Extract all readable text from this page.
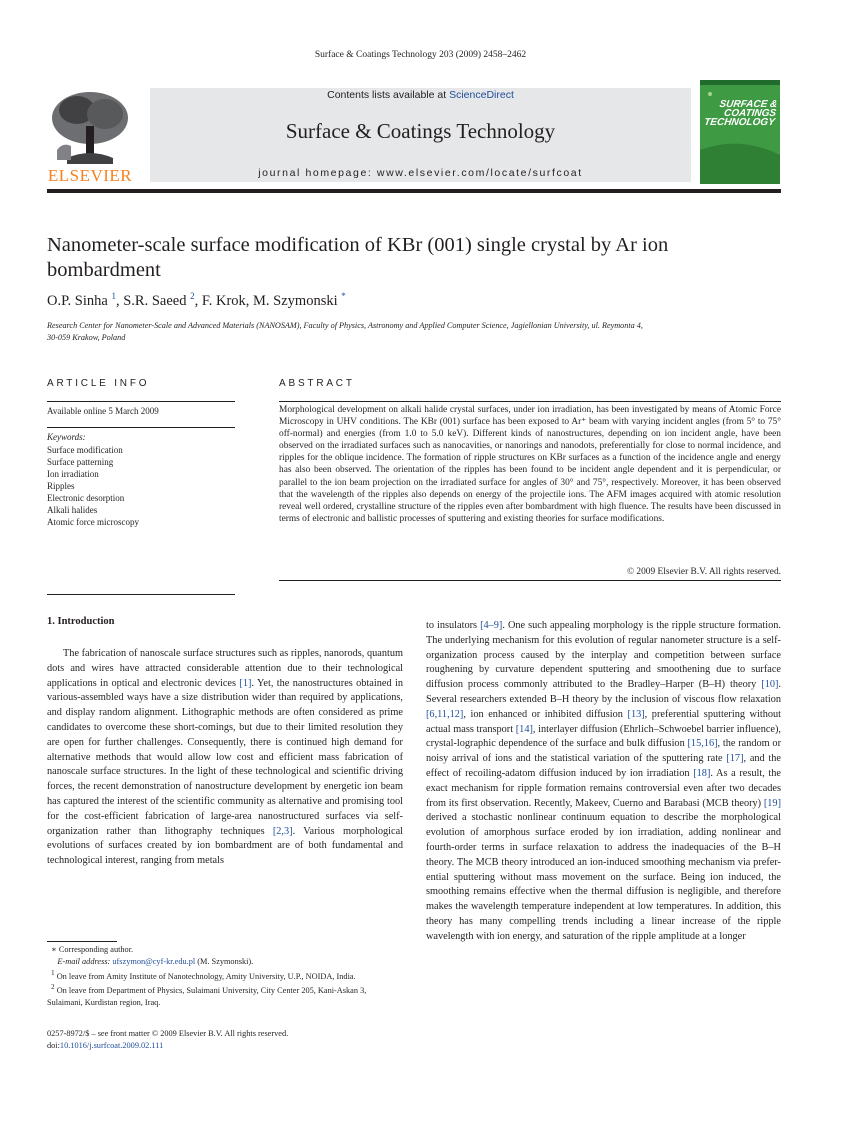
Surface & Coatings Technology 203 (2009) 2458–2462
ELSEVIER
Contents lists available at ScienceDirect
Surface & Coatings Technology
journal homepage: www.elsevier.com/locate/surfcoat
SURFACE & COATINGS TECHNOLOGY
Nanometer-scale surface modification of KBr (001) single crystal by Ar ion bombardment
O.P. Sinha $^1$, S.R. Saeed $^2$, F. Krok, M. Szymonski *
Research Center for Nanometer-Scale and Advanced Materials (NANOSAM), Faculty of Physics, Astronomy and Applied Computer Science, Jagiellonian University, ul. Reymonta 4, 30-059 Krakow, Poland
ARTICLE INFO	ABSTRACT
Available online 5 March 2009
Keywords:
Surface modification
Surface patterning
Ion irradiation
Ripples
Electronic desorption
Alkali halides
Atomic force microscopy
Morphological development on alkali halide crystal surfaces, under ion irradiation, has been investigated by means of Atomic Force Microscopy in UHV conditions. The KBr (001) surface has been exposed to Ar⁺ beam with varying incident angles (from 5° to 75° off-normal) and energies (from 1.0 to 5.0 keV). Different kinds of nanostructures, depending on ion incident angle, have been observed on the irradiated surfaces such as nanocavities, or nanorings and nanodots, preferentially for close to normal incidence, and ripples for the oblique incidence. The formation of ripple structures on KBr surfaces as a function of the incidence angle and energy has also been observed. The orientation of the ripples has been found to be incident angle dependent and it is perpendicular, or parallel to the ion beam projection on the irradiated surface for angles of 30° and 75°, respectively. Moreover, it has been observed that the wavelength of the ripples also depends on energy of the projectile ions. The AFM images acquired with atomic resolution reveal well ordered, crystalline structure of the ripples even after bombardment with high fluence. The results have been discussed in terms of electronic and ballistic processes of sputtering and existing theories for surface modifications.
© 2009 Elsevier B.V. All rights reserved.
1. Introduction
The fabrication of nanoscale surface structures such as ripples, nanorods, quantum dots and wires have attracted considerable attention due to their technological applications in optical and electronic devices [1]. Yet, the nanostructures obtained in various-assembled ways have a size distribution wider than required by applications, and display random alignment. Lithographic methods are often considered as prime candidates to overcome these short-comings, but due to their limited resolution they are open for further challenges. Consequently, there is continued high demand for alternative methods that would allow low cost and efficient mass fabrication of nanoscale surface structures. In the light of these technological and scientific driving forces, the recent demonstration of nanostructure development by energetic ion beam has captured the interest of the scientific community as alternative and promising tool for the cost-efficient fabrication of large-area nanostructured surfaces via self-organization rather than lithography techniques [2,3]. Various morphological evolutions of surfaces created by ion bombardment are of both fundamental and technological interest, ranging from metals
to insulators [4–9]. One such appealing morphology is the ripple structure formation. The underlying mechanism for this evolution of regular nanometer structure is a self-organization process caused by the interplay and competition between surface roughening by curvature dependent sputtering and smoothening due to surface diffusion process commonly attributed to the Bradley–Harper (B–H) theory [10]. Several researchers extended B–H theory by the inclusion of viscous flow relaxation [6,11,12], ion enhanced or inhibited diffusion [13], preferential sputtering without actual mass transport [14], interlayer diffusion (Ehrlich–Schwoebel barrier influence), crystal-lographic dependence of the surface and bulk diffusion [15,16], the random or noisy arrival of ions and the statistical variation of the sputtering rate [17], and the effect of recoiling-adatom diffusion induced by ion irradiation [18]. As a result, the exact mechanism for ripple formation remains controversial even after two decades from its first observation. Recently, Makeev, Cuerno and Barabasi (MCB theory) [19] derived a stochastic nonlinear continuum equation to describe the morphological evolution of amorphous surface eroded by ion irradiation, adding nonlinear and fourth-order terms in surface relaxation to address the inadequacies of the B–H theory. The MCB theory introduced an ion-induced smoothing mechanism via prefer-ential sputtering without mass movement on the surface. Being ion induced, the smoothing remains effective when the thermal diffusion is negligible, and therefore makes the wavelength temperature independent at low temperatures. In addition, this theory has many compelling trends including a linear increase of the ripple wavelength with ion energy, and saturation of the ripple amplitude at a longer

∗ Corresponding author.

E-mail address: ufszymon@cyf-kr.edu.pl (M. Szymonski).

$^1$ On leave from Amity Institute of Nanotechnology, Amity University, U.P., NOIDA, India.

$^2$ On leave from Department of Physics, Sulaimani University, City Center 205, Kani-Askan 3, Sulaimani, Kurdistan region, Iraq.

0257-8972/$ – see front matter © 2009 Elsevier B.V. All rights reserved.

doi:10.1016/j.surfcoat.2009.02.111
